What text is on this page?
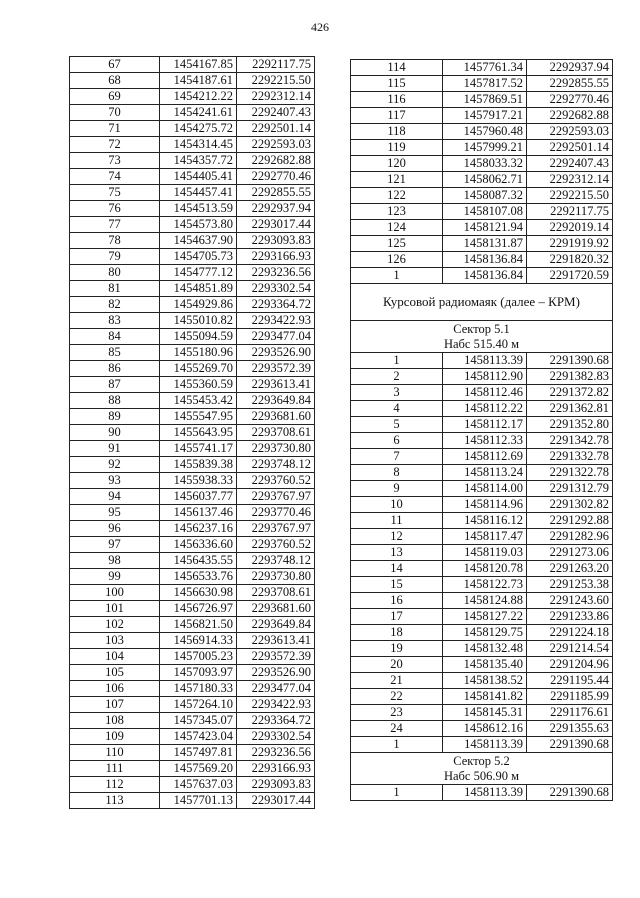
426
67	1454167.85	2292117.75
68	1454187.61	2292215.50
69	1454212.22	2292312.14
70	1454241.61	2292407.43
71	1454275.72	2292501.14
72	1454314.45	2292593.03
73	1454357.72	2292682.88
74	1454405.41	2292770.46
75	1454457.41	2292855.55
76	1454513.59	2292937.94
77	1454573.80	2293017.44
78	1454637.90	2293093.83
79	1454705.73	2293166.93
80	1454777.12	2293236.56
81	1454851.89	2293302.54
82	1454929.86	2293364.72
83	1455010.82	2293422.93
84	1455094.59	2293477.04
85	1455180.96	2293526.90
86	1455269.70	2293572.39
87	1455360.59	2293613.41
88	1455453.42	2293649.84
89	1455547.95	2293681.60
90	1455643.95	2293708.61
91	1455741.17	2293730.80
92	1455839.38	2293748.12
93	1455938.33	2293760.52
94	1456037.77	2293767.97
95	1456137.46	2293770.46
96	1456237.16	2293767.97
97	1456336.60	2293760.52
98	1456435.55	2293748.12
99	1456533.76	2293730.80
100	1456630.98	2293708.61
101	1456726.97	2293681.60
102	1456821.50	2293649.84
103	1456914.33	2293613.41
104	1457005.23	2293572.39
105	1457093.97	2293526.90
106	1457180.33	2293477.04
107	1457264.10	2293422.93
108	1457345.07	2293364.72
109	1457423.04	2293302.54
110	1457497.81	2293236.56
111	1457569.20	2293166.93
112	1457637.03	2293093.83
113	1457701.13	2293017.44
114	1457761.34	2292937.94
115	1457817.52	2292855.55
116	1457869.51	2292770.46
117	1457917.21	2292682.88
118	1457960.48	2292593.03
119	1457999.21	2292501.14
120	1458033.32	2292407.43
121	1458062.71	2292312.14
122	1458087.32	2292215.50
123	1458107.08	2292117.75
124	1458121.94	2292019.14
125	1458131.87	2291919.92
126	1458136.84	2291820.32
1	1458136.84	2291720.59
Курсовой радиомаяк (далее – КРМ)		
Сектор 5.1
Набс 515.40 м		
1	1458113.39	2291390.68
2	1458112.90	2291382.83
3	1458112.46	2291372.82
4	1458112.22	2291362.81
5	1458112.17	2291352.80
6	1458112.33	2291342.78
7	1458112.69	2291332.78
8	1458113.24	2291322.78
9	1458114.00	2291312.79
10	1458114.96	2291302.82
11	1458116.12	2291292.88
12	1458117.47	2291282.96
13	1458119.03	2291273.06
14	1458120.78	2291263.20
15	1458122.73	2291253.38
16	1458124.88	2291243.60
17	1458127.22	2291233.86
18	1458129.75	2291224.18
19	1458132.48	2291214.54
20	1458135.40	2291204.96
21	1458138.52	2291195.44
22	1458141.82	2291185.99
23	1458145.31	2291176.61
24	1458612.16	2291355.63
1	1458113.39	2291390.68
Сектор 5.2
Набс 506.90 м		
1	1458113.39	2291390.68
